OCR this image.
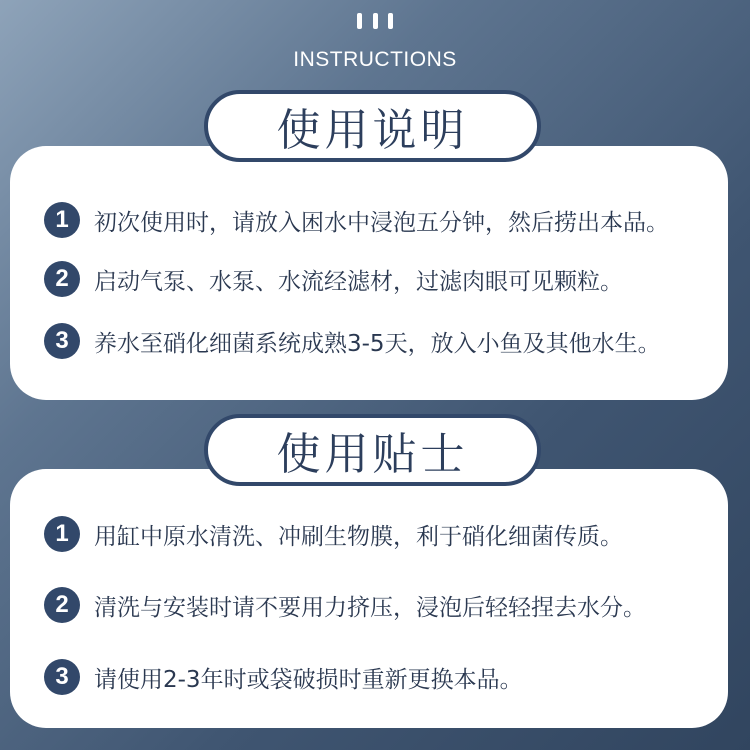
INSTRUCTIONS
使用说明
1	初次使用时，请放入困水中浸泡五分钟，然后捞出本品。
2	启动气泵、水泵、水流经滤材，过滤肉眼可见颗粒。
3	养水至硝化细菌系统成熟3-5天，放入小鱼及其他水生。
使用贴士
1	用缸中原水清洗、冲刷生物膜，利于硝化细菌传质。
2	清洗与安装时请不要用力挤压，浸泡后轻轻捏去水分。
3	请使用2-3年时或袋破损时重新更换本品。
